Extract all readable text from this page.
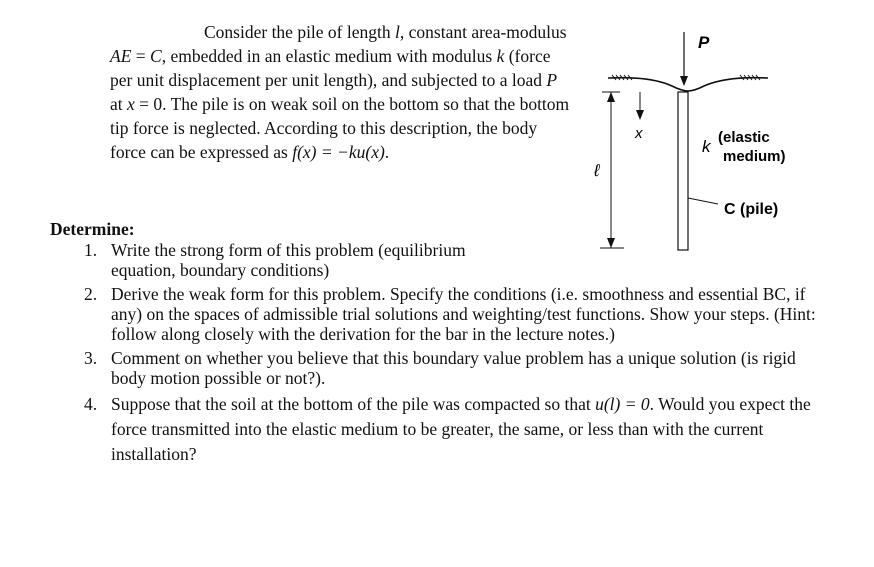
Consider the pile of length l, constant area-modulus AE = C, embedded in an elastic medium with modulus k (force per unit displacement per unit length), and subjected to a load P at x = 0. The pile is on weak soil on the bottom so that the bottom tip force is neglected. According to this description, the body force can be expressed as f(x) = −ku(x).

P
ℓ
x
k (elastic
medium)
C (pile)
Determine:
1. Write the strong form of this problem (equilibrium equation, boundary conditions)
2. Derive the weak form for this problem. Specify the conditions (i.e. smoothness and essential BC, if any) on the spaces of admissible trial solutions and weighting/test functions. Show your steps. (Hint: follow along closely with the derivation for the bar in the lecture notes.)
3. Comment on whether you believe that this boundary value problem has a unique solution (is rigid body motion possible or not?).
4. Suppose that the soil at the bottom of the pile was compacted so that u(l) = 0. Would you expect the force transmitted into the elastic medium to be greater, the same, or less than with the current installation?
